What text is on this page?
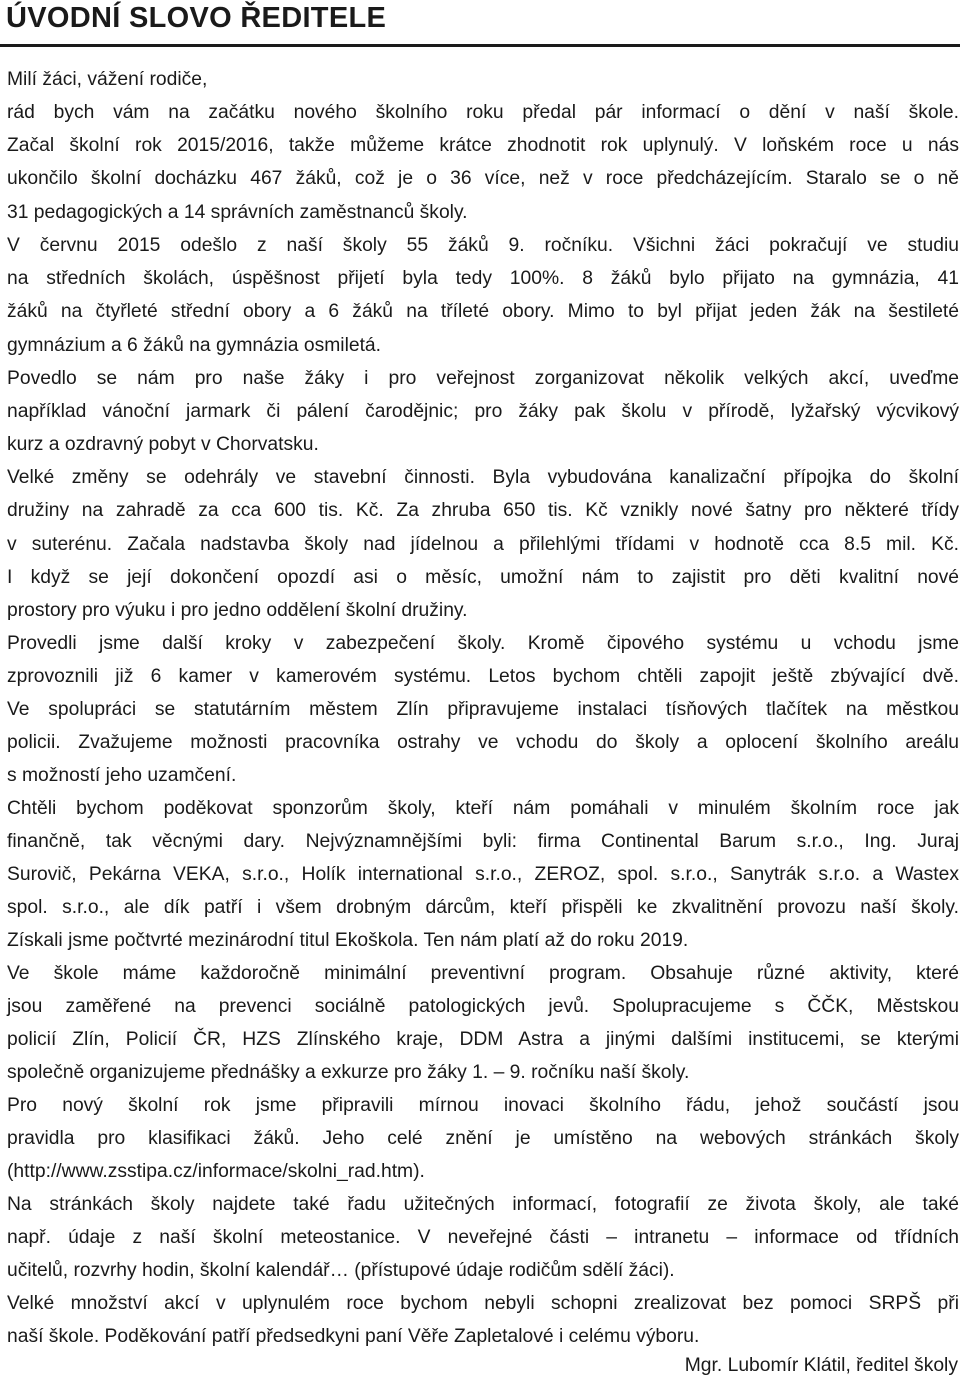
ÚVODNÍ SLOVO ŘEDITELE
Milí žáci, vážení rodiče,
rád bych vám na začátku nového školního roku předal pár informací o dění v naší škole.
Začal školní rok 2015/2016, takže můžeme krátce zhodnotit rok uplynulý. V loňském roce u nás
ukončilo školní docházku 467 žáků, což je o 36 více, než v roce předcházejícím. Staralo se o ně
31 pedagogických a 14 správních zaměstnanců školy.
V červnu 2015 odešlo z naší školy 55 žáků 9. ročníku. Všichni žáci pokračují ve studiu
na středních školách, úspěšnost přijetí byla tedy 100%. 8 žáků bylo přijato na gymnázia, 41
žáků na čtyřleté střední obory a 6 žáků na tříleté obory. Mimo to byl přijat jeden žák na šestileté
gymnázium a 6 žáků na gymnázia osmiletá.
Povedlo se nám pro naše žáky i pro veřejnost zorganizovat několik velkých akcí, uveďme
například vánoční jarmark či pálení čarodějnic; pro žáky pak školu v přírodě, lyžařský výcvikový
kurz a ozdravný pobyt v Chorvatsku.
Velké změny se odehrály ve stavební činnosti. Byla vybudována kanalizační přípojka do školní
družiny na zahradě za cca 600 tis. Kč. Za zhruba 650 tis. Kč vznikly nové šatny pro některé třídy
v suterénu. Začala nadstavba školy nad jídelnou a přilehlými třídami v hodnotě cca 8.5 mil. Kč.
I když se její dokončení opozdí asi o měsíc, umožní nám to zajistit pro děti kvalitní nové
prostory pro výuku i pro jedno oddělení školní družiny.
Provedli jsme další kroky v zabezpečení školy. Kromě čipového systému u vchodu jsme
zprovoznili již 6 kamer v kamerovém systému. Letos bychom chtěli zapojit ještě zbývající dvě.
Ve spolupráci se statutárním městem Zlín připravujeme instalaci tísňových tlačítek na městkou
policii. Zvažujeme možnosti pracovníka ostrahy ve vchodu do školy a oplocení školního areálu
s možností jeho uzamčení.
Chtěli bychom poděkovat sponzorům školy, kteří nám pomáhali v minulém školním roce jak
finančně, tak věcnými dary. Nejvýznamnějšími byli: firma Continental Barum s.r.o., Ing. Juraj
Surovič, Pekárna VEKA, s.r.o., Holík international s.r.o., ZEROZ, spol. s.r.o., Sanytrák s.r.o. a Wastex
spol. s.r.o., ale dík patří i všem drobným dárcům, kteří přispěli ke zkvalitnění provozu naší školy.
Získali jsme počtvrté mezinárodní titul Ekoškola. Ten nám platí až do roku 2019.
Ve škole máme každoročně minimální preventivní program. Obsahuje různé aktivity, které
jsou zaměřené na prevenci sociálně patologických jevů. Spolupracujeme s ČČK, Městskou
policií Zlín, Policií ČR, HZS Zlínského kraje, DDM Astra a jinými dalšími institucemi, se kterými
společně organizujeme přednášky a exkurze pro žáky 1. – 9. ročníku naší školy.
Pro nový školní rok jsme připravili mírnou inovaci školního řádu, jehož součástí jsou
pravidla pro klasifikaci žáků. Jeho celé znění je umístěno na webových stránkách školy
(http://www.zsstipa.cz/informace/skolni_rad.htm).
Na stránkách školy najdete také řadu užitečných informací, fotografií ze života školy, ale také
např. údaje z naší školní meteostanice. V neveřejné části – intranetu – informace od třídních
učitelů, rozvrhy hodin, školní kalendář… (přístupové údaje rodičům sdělí žáci).
Velké množství akcí v uplynulém roce bychom nebyli schopni zrealizovat bez pomoci SRPŠ při
naší škole. Poděkování patří předsedkyni paní Věře Zapletalové i celému výboru.
Mgr. Lubomír Klátil, ředitel školy
